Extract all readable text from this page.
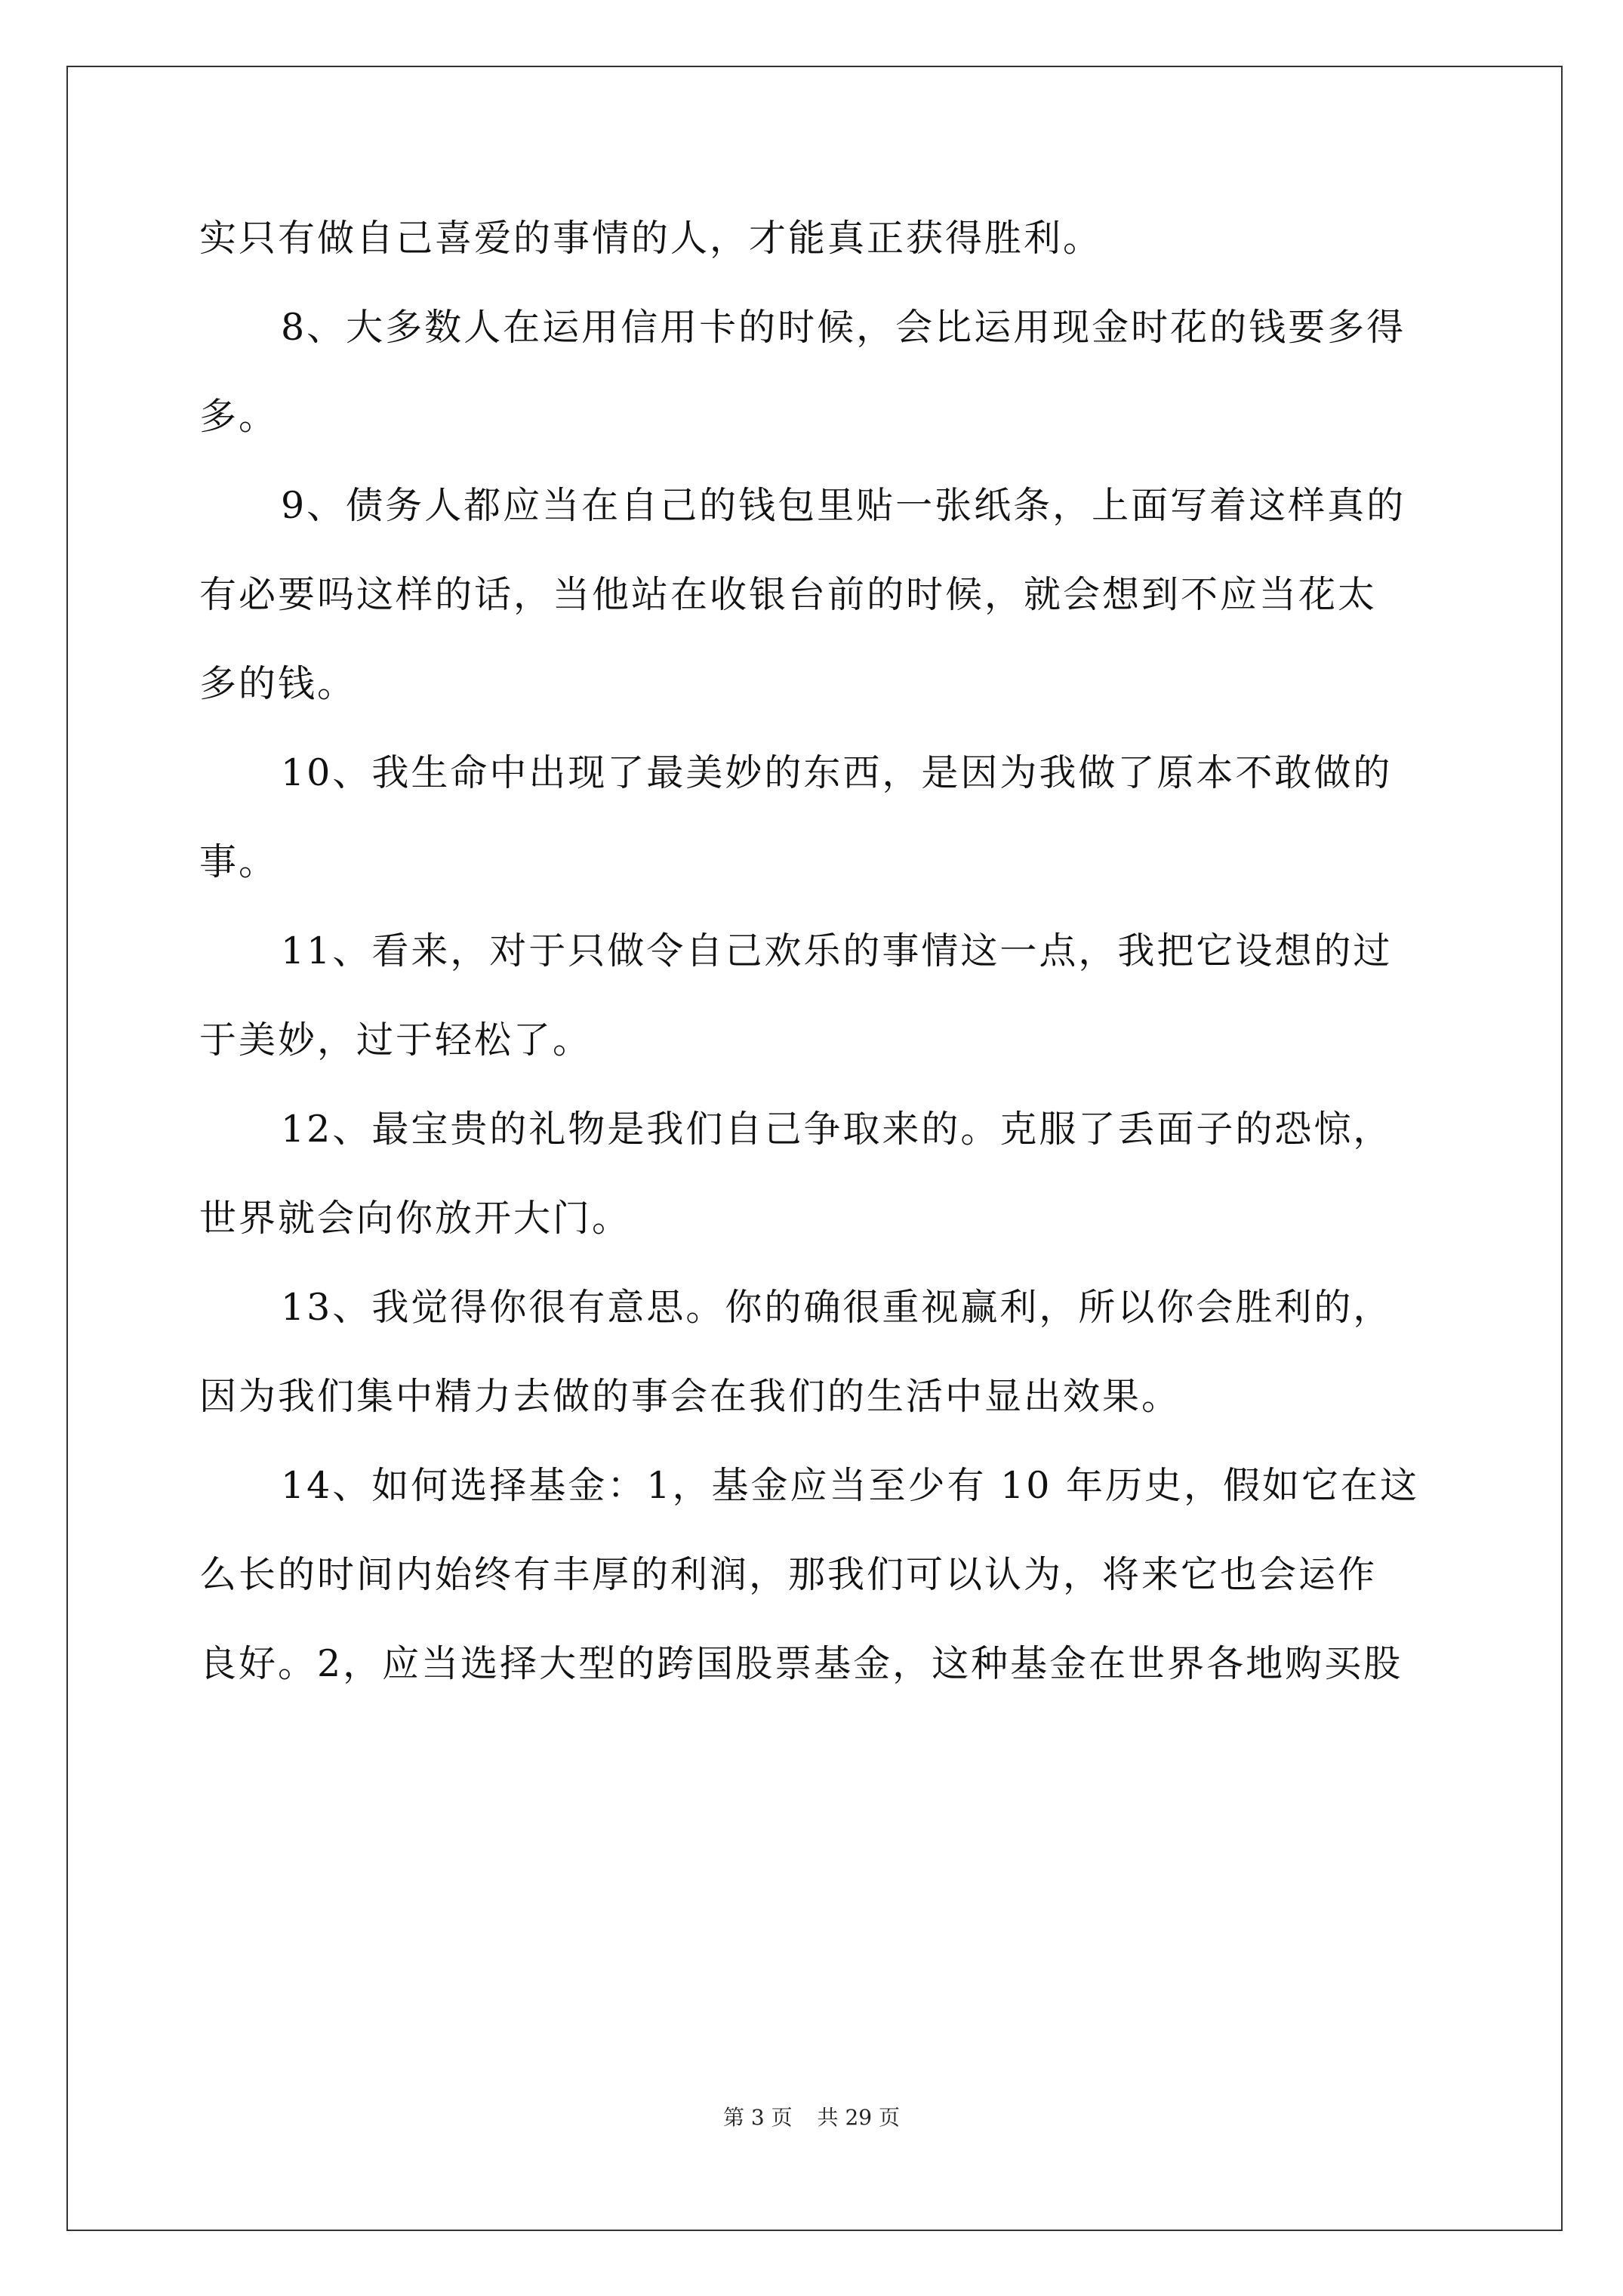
实只有做自己喜爱的事情的人，才能真正获得胜利。
8、大多数人在运用信用卡的时候，会比运用现金时花的钱要多得
多。
9、债务人都应当在自己的钱包里贴一张纸条，上面写着这样真的
有必要吗这样的话，当他站在收银台前的时候，就会想到不应当花太
多的钱。
10、我生命中出现了最美妙的东西，是因为我做了原本不敢做的
事。
11、看来，对于只做令自己欢乐的事情这一点，我把它设想的过
于美妙，过于轻松了。
12、最宝贵的礼物是我们自己争取来的。克服了丢面子的恐惊，
世界就会向你放开大门。
13、我觉得你很有意思。你的确很重视赢利，所以你会胜利的，
因为我们集中精力去做的事会在我们的生活中显出效果。
14、如何选择基金：1，基金应当至少有 10 年历史，假如它在这
么长的时间内始终有丰厚的利润，那我们可以认为，将来它也会运作
良好。2，应当选择大型的跨国股票基金，这种基金在世界各地购买股
第 3 页 共 29 页
